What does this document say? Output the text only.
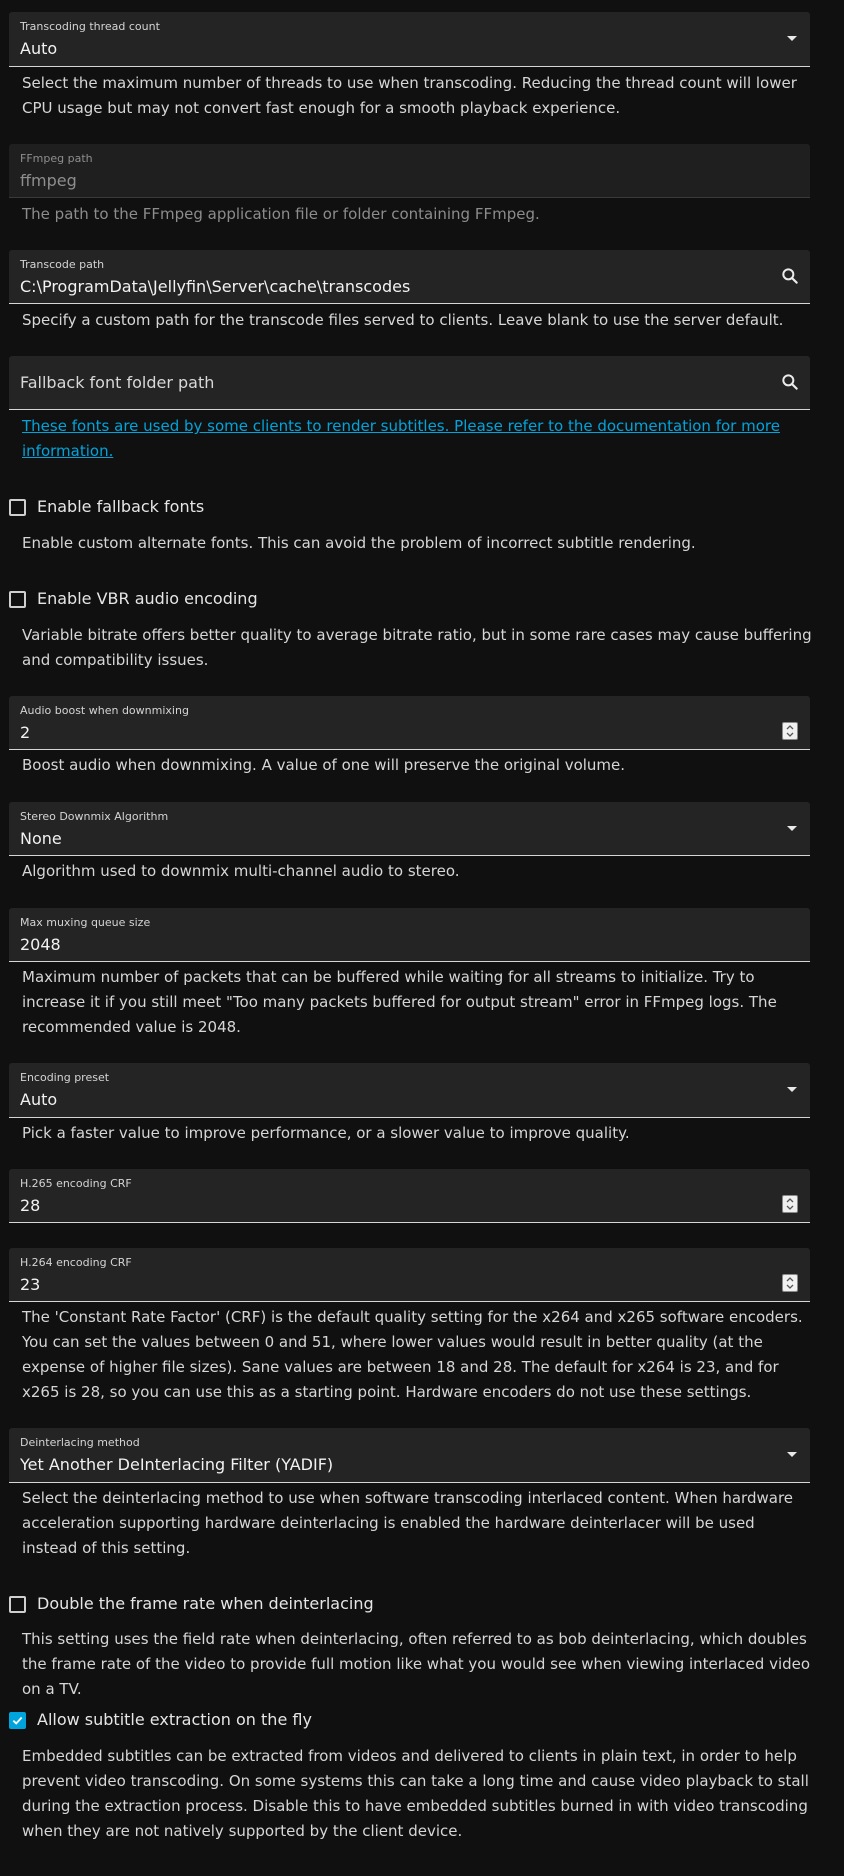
Transcoding thread count
Auto

Select the maximum number of threads to use when transcoding. Reducing the thread count will lower CPU usage but may not convert fast enough for a smooth playback experience.

FFmpeg path
ffmpeg

The path to the FFmpeg application file or folder containing FFmpeg.

Transcode path
C:\ProgramData\Jellyfin\Server\cache\transcodes

Specify a custom path for the transcode files served to clients. Leave blank to use the server default.

Fallback font folder path

These fonts are used by some clients to render subtitles. Please refer to the documentation for more information.

Enable fallback fonts

Enable custom alternate fonts. This can avoid the problem of incorrect subtitle rendering.

Enable VBR audio encoding

Variable bitrate offers better quality to average bitrate ratio, but in some rare cases may cause buffering and compatibility issues.

Audio boost when downmixing
2

Boost audio when downmixing. A value of one will preserve the original volume.

Stereo Downmix Algorithm
None

Algorithm used to downmix multi-channel audio to stereo.

Max muxing queue size
2048

Maximum number of packets that can be buffered while waiting for all streams to initialize. Try to increase it if you still meet "Too many packets buffered for output stream" error in FFmpeg logs. The recommended value is 2048.

Encoding preset
Auto

Pick a faster value to improve performance, or a slower value to improve quality.

H.265 encoding CRF
28
H.264 encoding CRF
23

The 'Constant Rate Factor' (CRF) is the default quality setting for the x264 and x265 software encoders. You can set the values between 0 and 51, where lower values would result in better quality (at the expense of higher file sizes). Sane values are between 18 and 28. The default for x264 is 23, and for x265 is 28, so you can use this as a starting point. Hardware encoders do not use these settings.

Deinterlacing method
Yet Another DeInterlacing Filter (YADIF)

Select the deinterlacing method to use when software transcoding interlaced content. When hardware acceleration supporting hardware deinterlacing is enabled the hardware deinterlacer will be used instead of this setting.

Double the frame rate when deinterlacing

This setting uses the field rate when deinterlacing, often referred to as bob deinterlacing, which doubles the frame rate of the video to provide full motion like what you would see when viewing interlaced video on a TV.

Allow subtitle extraction on the fly

Embedded subtitles can be extracted from videos and delivered to clients in plain text, in order to help prevent video transcoding. On some systems this can take a long time and cause video playback to stall during the extraction process. Disable this to have embedded subtitles burned in with video transcoding when they are not natively supported by the client device.
